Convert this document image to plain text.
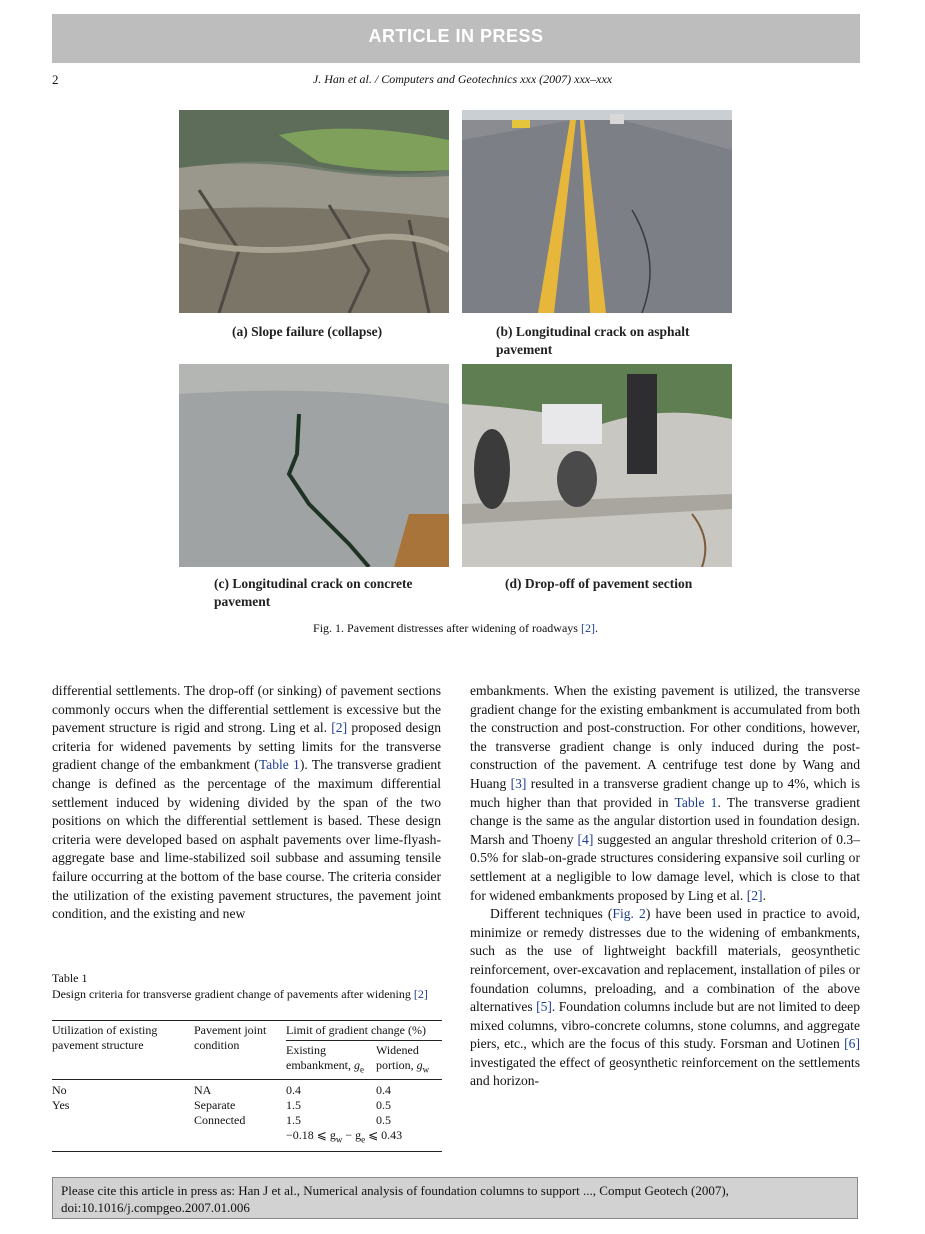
ARTICLE IN PRESS
2	J. Han et al. / Computers and Geotechnics xxx (2007) xxx–xxx
(a) Slope failure (collapse)	(b) Longitudinal crack on asphalt
pavement
(c) Longitudinal crack on concrete
pavement
(d) Drop-off of pavement section
Fig. 1. Pavement distresses after widening of roadways [2].

differential settlements. The drop-off (or sinking) of pavement sections commonly occurs when the differential settlement is excessive but the pavement structure is rigid and strong. Ling et al. [2] proposed design criteria for widened pavements by setting limits for the transverse gradient change of the embankment (Table 1). The transverse gradient change is defined as the percentage of the maximum differential settlement induced by widening divided by the span of the two positions on which the differential settlement is based. These design criteria were developed based on asphalt pavements over lime-flyash-aggregate base and lime-stabilized soil subbase and assuming tensile failure occurring at the bottom of the base course. The criteria consider the utilization of the existing pavement structures, the pavement joint condition, and the existing and new

Table 1
Design criteria for transverse gradient change of pavements after widening [2]
Utilization of existing pavement structure	Pavement joint condition	Limit of gradient change (%)	
		Existing embankment, $g_e$	Widened portion, $g_w$

No	NA	0.4	0.4
Yes	Separate	1.5	0.5
	Connected	1.5	0.5
		−0.18 ⩽ $g_w - g_e$ ⩽ 0.43	

embankments. When the existing pavement is utilized, the transverse gradient change for the existing embankment is accumulated from both the construction and post-construction. For other conditions, however, the transverse gradient change is only induced during the post-construction of the pavement. A centrifuge test done by Wang and Huang [3] resulted in a transverse gradient change up to 4%, which is much higher than that provided in Table 1. The transverse gradient change is the same as the angular distortion used in foundation design. Marsh and Thoeny [4] suggested an angular threshold criterion of 0.3–0.5% for slab-on-grade structures considering expansive soil curling or settlement at a negligible to low damage level, which is close to that for widened embankments proposed by Ling et al. [2].

Different techniques (Fig. 2) have been used in practice to avoid, minimize or remedy distresses due to the widening of embankments, such as the use of lightweight backfill materials, geosynthetic reinforcement, over-excavation and replacement, installation of piles or foundation columns, preloading, and a combination of the above alternatives [5]. Foundation columns include but are not limited to deep mixed columns, vibro-concrete columns, stone columns, and aggregate piers, etc., which are the focus of this study. Forsman and Uotinen [6] investigated the effect of geosynthetic reinforcement on the settlements and horizon-

Please cite this article in press as: Han J et al., Numerical analysis of foundation columns to support ..., Comput Geotech (2007), doi:10.1016/j.compgeo.2007.01.006
